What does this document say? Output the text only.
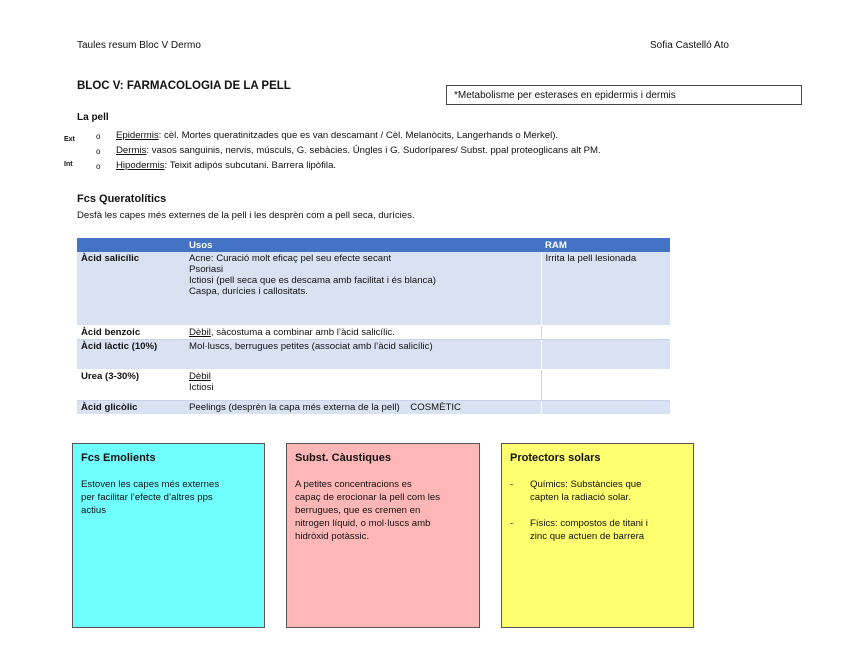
Taules resum Bloc V Dermo	Sofia Castelló Ato
BLOC V: FARMACOLOGIA DE LA PELL
*Metabolisme per esterases en epidermis i dermis
La pell
Ext
Int
o Epidermis: cèl. Mortes queratinitzades que es van descamant / Cèl. Melanòcits, Langerhands o Merkel).
o Dermis: vasos sanguinis, nervis, músculs, G. sebàcies. Úngles i G. Sudorípares/ Subst. ppal proteoglicans alt PM.
o Hipodermis: Teixit adipós subcutani. Barrera lipòfila.
Fcs Queratolítics
Desfà les capes més externes de la pell i les desprèn com a pell seca, durícies.
	Usos	RAM
Àcid salicílic	Acne: Curació molt eficaç pel seu efecte secant
Psoriasi
Ictiosi (pell seca que es descama amb facilitat i és blanca)
Caspa, durícies i callositats.	Irrita la pell lesionada
Àcid benzoic	Dèbil, sàcostuma a combinar amb l’àcid salicílic.	
Àcid làctic (10%)	Mol·luscs, berrugues petites (associat amb l’àcid salicílic)	
Urea (3-30%)	Dèbil
Ictiosi	

Àcid glicòlic	Peelings (desprèn la capa més externa de la pell)    COSMÈTIC	
Fcs Emolients
Estoven les capes més externes
per facilitar l’efecte d’altres pps
actius
Subst. Càustiques
A petites concentracions es
capaç de erocionar la pell com les
berrugues, que es cremen en
nitrogen líquid, o mol·luscs amb
hidròxid potàssic.
Protectors solars
- Químics: Substàncies que
capten la radiació solar.
- Físics: compostos de titani i
zinc que actuen de barrera
